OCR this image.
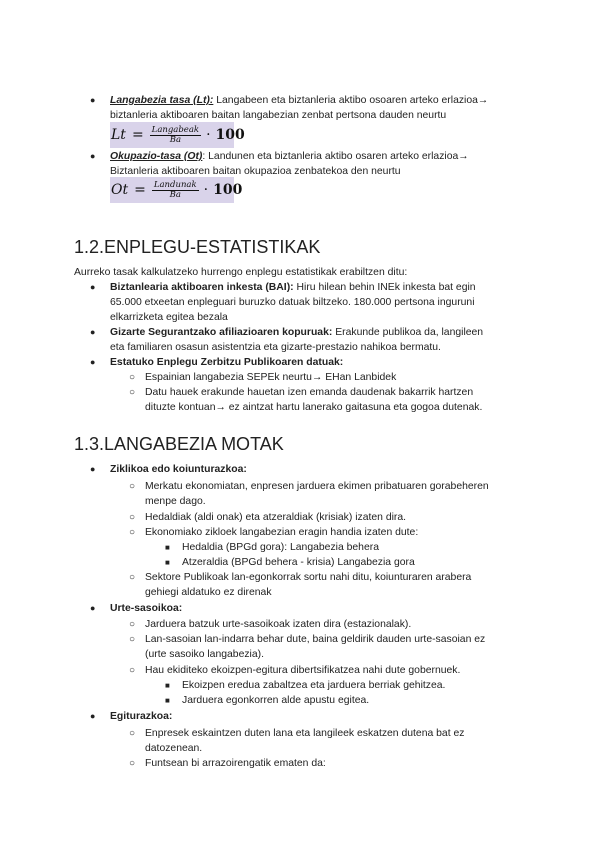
● Langabezia tasa (Lt): Langabeen eta biztanleria aktibo osoaren arteko erlazioa→
biztanleria aktiboaren baitan langabezian zenbat pertsona dauden neurtu
$Lt = \frac{\text{Langabeak}}{Ba} \cdot 100$
● Okupazio-tasa (Ot): Landunen eta biztanleria aktibo osaren arteko erlazioa→
Biztanleria aktiboaren baitan okupazioa zenbatekoa den neurtu
$Ot = \frac{\text{Landunak}}{Ba} \cdot 100$
1.2.ENPLEGU-ESTATISTIKAK
Aurreko tasak kalkulatzeko hurrengo enplegu estatistikak erabiltzen ditu:
● Biztanlearia aktiboaren inkesta (BAI): Hiru hilean behin INEk inkesta bat egin
65.000 etxeetan enpleguari buruzko datuak biltzeko. 180.000 pertsona inguruni
elkarrizketa egitea bezala
● Gizarte Segurantzako afiliazioaren kopuruak: Erakunde publikoa da, langileen
eta familiaren osasun asistentzia eta gizarte-prestazio nahikoa bermatu.
● Estatuko Enplegu Zerbitzu Publikoaren datuak:
○ Espainian langabezia SEPEk neurtu→ EHan Lanbidek
○ Datu hauek erakunde hauetan izen emanda daudenak bakarrik hartzen
dituzte kontuan→ ez aintzat hartu lanerako gaitasuna eta gogoa dutenak.
1.3.LANGABEZIA MOTAK
● Ziklikoa edo koiunturazkoa:
○ Merkatu ekonomiatan, enpresen jarduera ekimen pribatuaren gorabeheren
menpe dago.
○ Hedaldiak (aldi onak) eta atzeraldiak (krisiak) izaten dira.
○ Ekonomiako zikloek langabezian eragin handia izaten dute:
■ Hedaldia (BPGd gora): Langabezia behera
■ Atzeraldia (BPGd behera - krisia) Langabezia gora
○ Sektore Publikoak lan-egonkorrak sortu nahi ditu, koiunturaren arabera
gehiegi aldatuko ez direnak
● Urte-sasoikoa:
○ Jarduera batzuk urte-sasoikoak izaten dira (estazionalak).
○ Lan-sasoian lan-indarra behar dute, baina geldirik dauden urte-sasoian ez
(urte sasoiko langabezia).
○ Hau ekiditeko ekoizpen-egitura dibertsifikatzea nahi dute gobernuek.
■ Ekoizpen eredua zabaltzea eta jarduera berriak gehitzea.
■ Jarduera egonkorren alde apustu egitea.
● Egiturazkoa:
○ Enpresek eskaintzen duten lana eta langileek eskatzen dutena bat ez
datozenean.
○ Funtsean bi arrazoirengatik ematen da:
